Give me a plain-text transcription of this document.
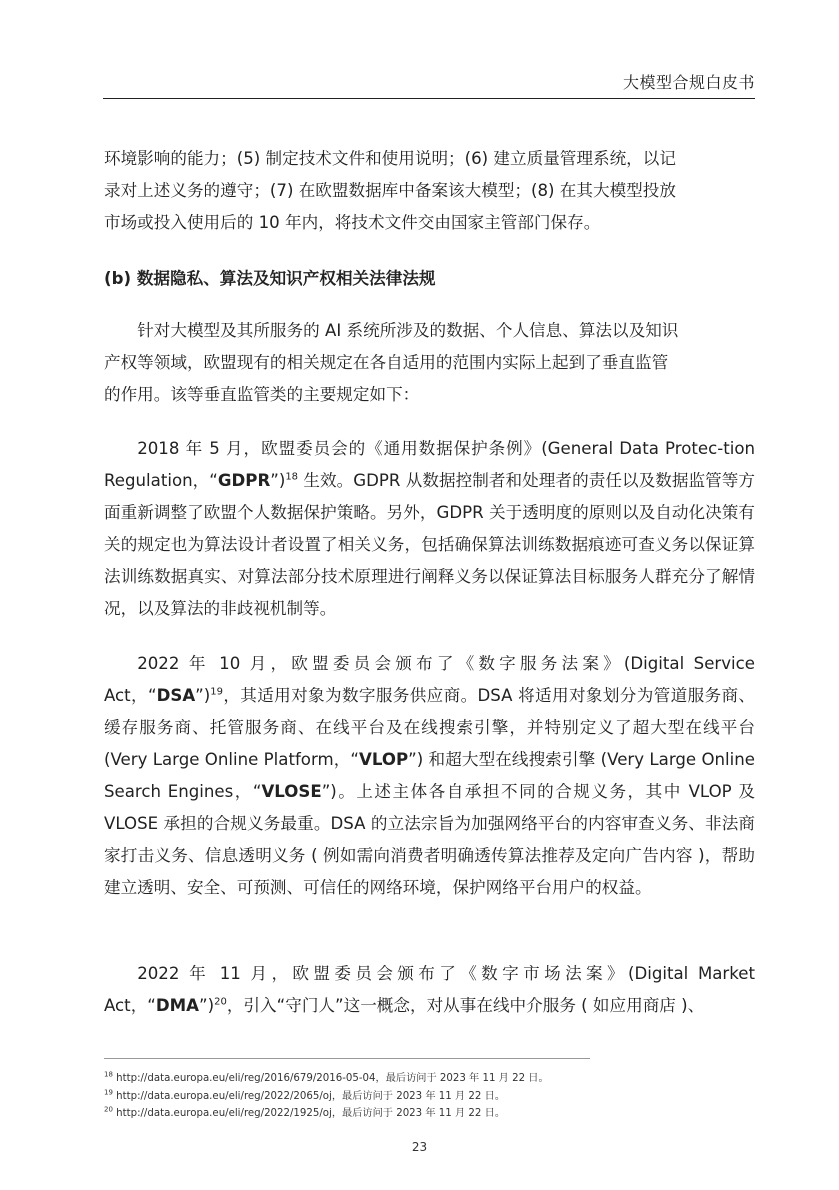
大模型合规白皮书
环境影响的能力；(5) 制定技术文件和使用说明；(6) 建立质量管理系统，以记
录对上述义务的遵守；(7) 在欧盟数据库中备案该大模型；(8) 在其大模型投放
市场或投入使用后的 10 年内，将技术文件交由国家主管部门保存。

(b) 数据隐私、算法及知识产权相关法律法规

针对大模型及其所服务的 AI 系统所涉及的数据、个人信息、算法以及知识
产权等领域，欧盟现有的相关规定在各自适用的范围内实际上起到了垂直监管
的作用。该等垂直监管类的主要规定如下：

2018 年 5 月，欧盟委员会的《通用数据保护条例》(General Data Protec-tion Regulation，“GDPR”)$^{18}$ 生效。GDPR 从数据控制者和处理者的责任以及数据监管等方面重新调整了欧盟个人数据保护策略。另外，GDPR 关于透明度的原则以及自动化决策有关的规定也为算法设计者设置了相关义务，包括确保算法训练数据痕迹可查义务以保证算法训练数据真实、对算法部分技术原理进行阐释义务以保证算法目标服务人群充分了解情况，以及算法的非歧视机制等。

2022 年 10 月，欧盟委员会颁布了《数字服务法案》(Digital Service Act，“DSA”)$^{19}$，其适用对象为数字服务供应商。DSA 将适用对象划分为管道服务商、缓存服务商、托管服务商、在线平台及在线搜索引擎，并特别定义了超大型在线平台 (Very Large Online Platform，“VLOP”) 和超大型在线搜索引擎 (Very Large Online Search Engines，“VLOSE”)。上述主体各自承担不同的合规义务，其中 VLOP 及 VLOSE 承担的合规义务最重。DSA 的立法宗旨为加强网络平台的内容审查义务、非法商家打击义务、信息透明义务 ( 例如需向消费者明确透传算法推荐及定向广告内容 )，帮助建立透明、安全、可预测、可信任的网络环境，保护网络平台用户的权益。

2022 年 11 月，欧盟委员会颁布了《数字市场法案》(Digital Market Act，“DMA”)$^{20}$，引入“守门人”这一概念，对从事在线中介服务 ( 如应用商店 )、

$^{18}$ http://data.europa.eu/eli/reg/2016/679/2016-05-04，最后访问于 2023 年 11 月 22 日。
$^{19}$ http://data.europa.eu/eli/reg/2022/2065/oj，最后访问于 2023 年 11 月 22 日。
$^{20}$ http://data.europa.eu/eli/reg/2022/1925/oj，最后访问于 2023 年 11 月 22 日。
23
